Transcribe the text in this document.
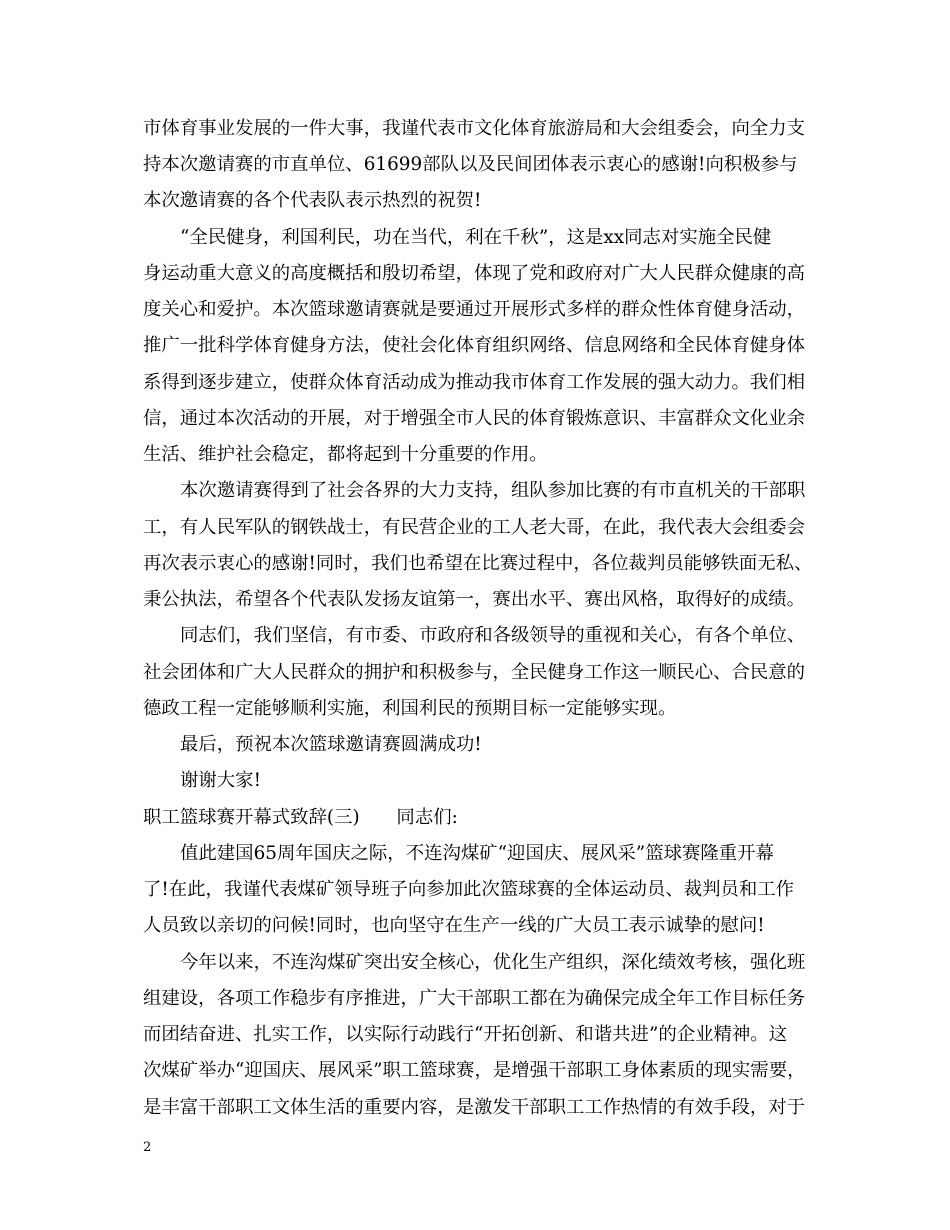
市体育事业发展的一件大事，我谨代表市文化体育旅游局和大会组委会，向全力支
持本次邀请赛的市直单位、61699部队以及民间团体表示衷心的感谢!向积极参与
本次邀请赛的各个代表队表示热烈的祝贺!
“全民健身，利国利民，功在当代，利在千秋”，这是xx同志对实施全民健
身运动重大意义的高度概括和殷切希望，体现了党和政府对广大人民群众健康的高
度关心和爱护。本次篮球邀请赛就是要通过开展形式多样的群众性体育健身活动，
推广一批科学体育健身方法，使社会化体育组织网络、信息网络和全民体育健身体
系得到逐步建立，使群众体育活动成为推动我市体育工作发展的强大动力。我们相
信，通过本次活动的开展，对于增强全市人民的体育锻炼意识、丰富群众文化业余
生活、维护社会稳定，都将起到十分重要的作用。
本次邀请赛得到了社会各界的大力支持，组队参加比赛的有市直机关的干部职
工，有人民军队的钢铁战士，有民营企业的工人老大哥，在此，我代表大会组委会
再次表示衷心的感谢!同时，我们也希望在比赛过程中，各位裁判员能够铁面无私、
秉公执法，希望各个代表队发扬友谊第一，赛出水平、赛出风格，取得好的成绩。
同志们，我们坚信，有市委、市政府和各级领导的重视和关心，有各个单位、
社会团体和广大人民群众的拥护和积极参与，全民健身工作这一顺民心、合民意的
德政工程一定能够顺利实施，利国利民的预期目标一定能够实现。
最后，预祝本次篮球邀请赛圆满成功!
谢谢大家!
职工篮球赛开幕式致辞(三)　　同志们:
值此建国65周年国庆之际，不连沟煤矿“迎国庆、展风采”篮球赛隆重开幕
了!在此，我谨代表煤矿领导班子向参加此次篮球赛的全体运动员、裁判员和工作
人员致以亲切的问候!同时，也向坚守在生产一线的广大员工表示诚挚的慰问!
今年以来，不连沟煤矿突出安全核心，优化生产组织，深化绩效考核，强化班
组建设，各项工作稳步有序推进，广大干部职工都在为确保完成全年工作目标任务
而团结奋进、扎实工作，以实际行动践行“开拓创新、和谐共进”的企业精神。这
次煤矿举办“迎国庆、展风采”职工篮球赛，是增强干部职工身体素质的现实需要，
是丰富干部职工文体生活的重要内容，是激发干部职工工作热情的有效手段，对于
2
